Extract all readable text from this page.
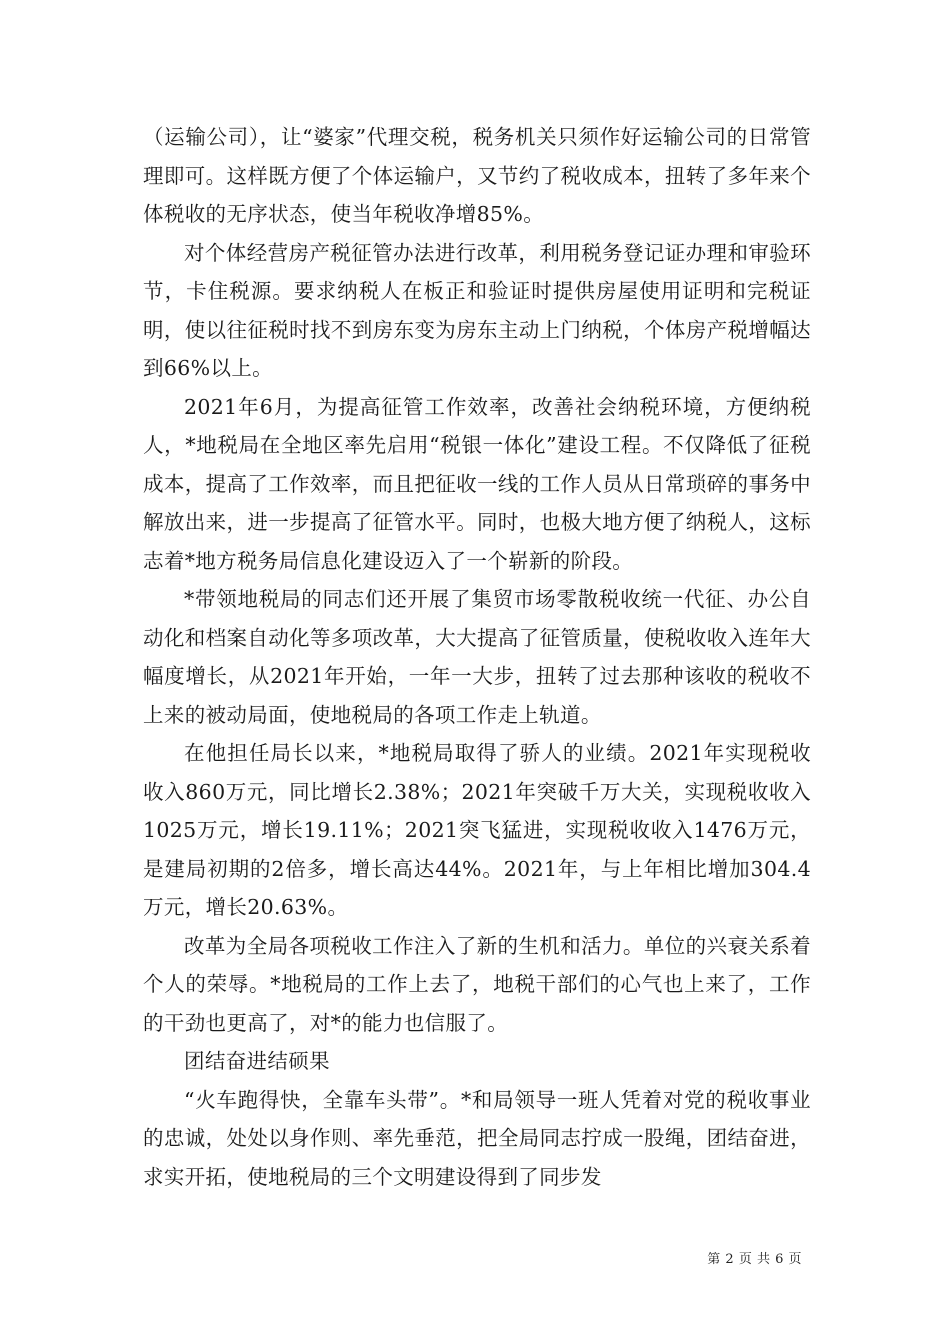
（运输公司），让“婆家”代理交税，税务机关只须作好运输公司的日常管理即可。这样既方便了个体运输户，又节约了税收成本，扭转了多年来个体税收的无序状态，使当年税收净增85%。

对个体经营房产税征管办法进行改革，利用税务登记证办理和审验环节，卡住税源。要求纳税人在板正和验证时提供房屋使用证明和完税证明，使以往征税时找不到房东变为房东主动上门纳税，个体房产税增幅达到66%以上。

2021年6月，为提高征管工作效率，改善社会纳税环境，方便纳税人，*地税局在全地区率先启用“税银一体化”建设工程。不仅降低了征税成本，提高了工作效率，而且把征收一线的工作人员从日常琐碎的事务中解放出来，进一步提高了征管水平。同时，也极大地方便了纳税人，这标志着*地方税务局信息化建设迈入了一个崭新的阶段。

*带领地税局的同志们还开展了集贸市场零散税收统一代征、办公自动化和档案自动化等多项改革，大大提高了征管质量，使税收收入连年大幅度增长，从2021年开始，一年一大步，扭转了过去那种该收的税收不上来的被动局面，使地税局的各项工作走上轨道。

在他担任局长以来，*地税局取得了骄人的业绩。2021年实现税收收入860万元，同比增长2.38%；2021年突破千万大关，实现税收收入1025万元，增长19.11%；2021突飞猛进，实现税收收入1476万元，是建局初期的2倍多，增长高达44%。2021年，与上年相比增加304.4万元，增长20.63%。

改革为全局各项税收工作注入了新的生机和活力。单位的兴衰关系着个人的荣辱。*地税局的工作上去了，地税干部们的心气也上来了，工作的干劲也更高了，对*的能力也信服了。

团结奋进结硕果

“火车跑得快，全靠车头带”。*和局领导一班人凭着对党的税收事业的忠诚，处处以身作则、率先垂范，把全局同志拧成一股绳，团结奋进，求实开拓，使地税局的三个文明建设得到了同步发

第 2 页 共 6 页
